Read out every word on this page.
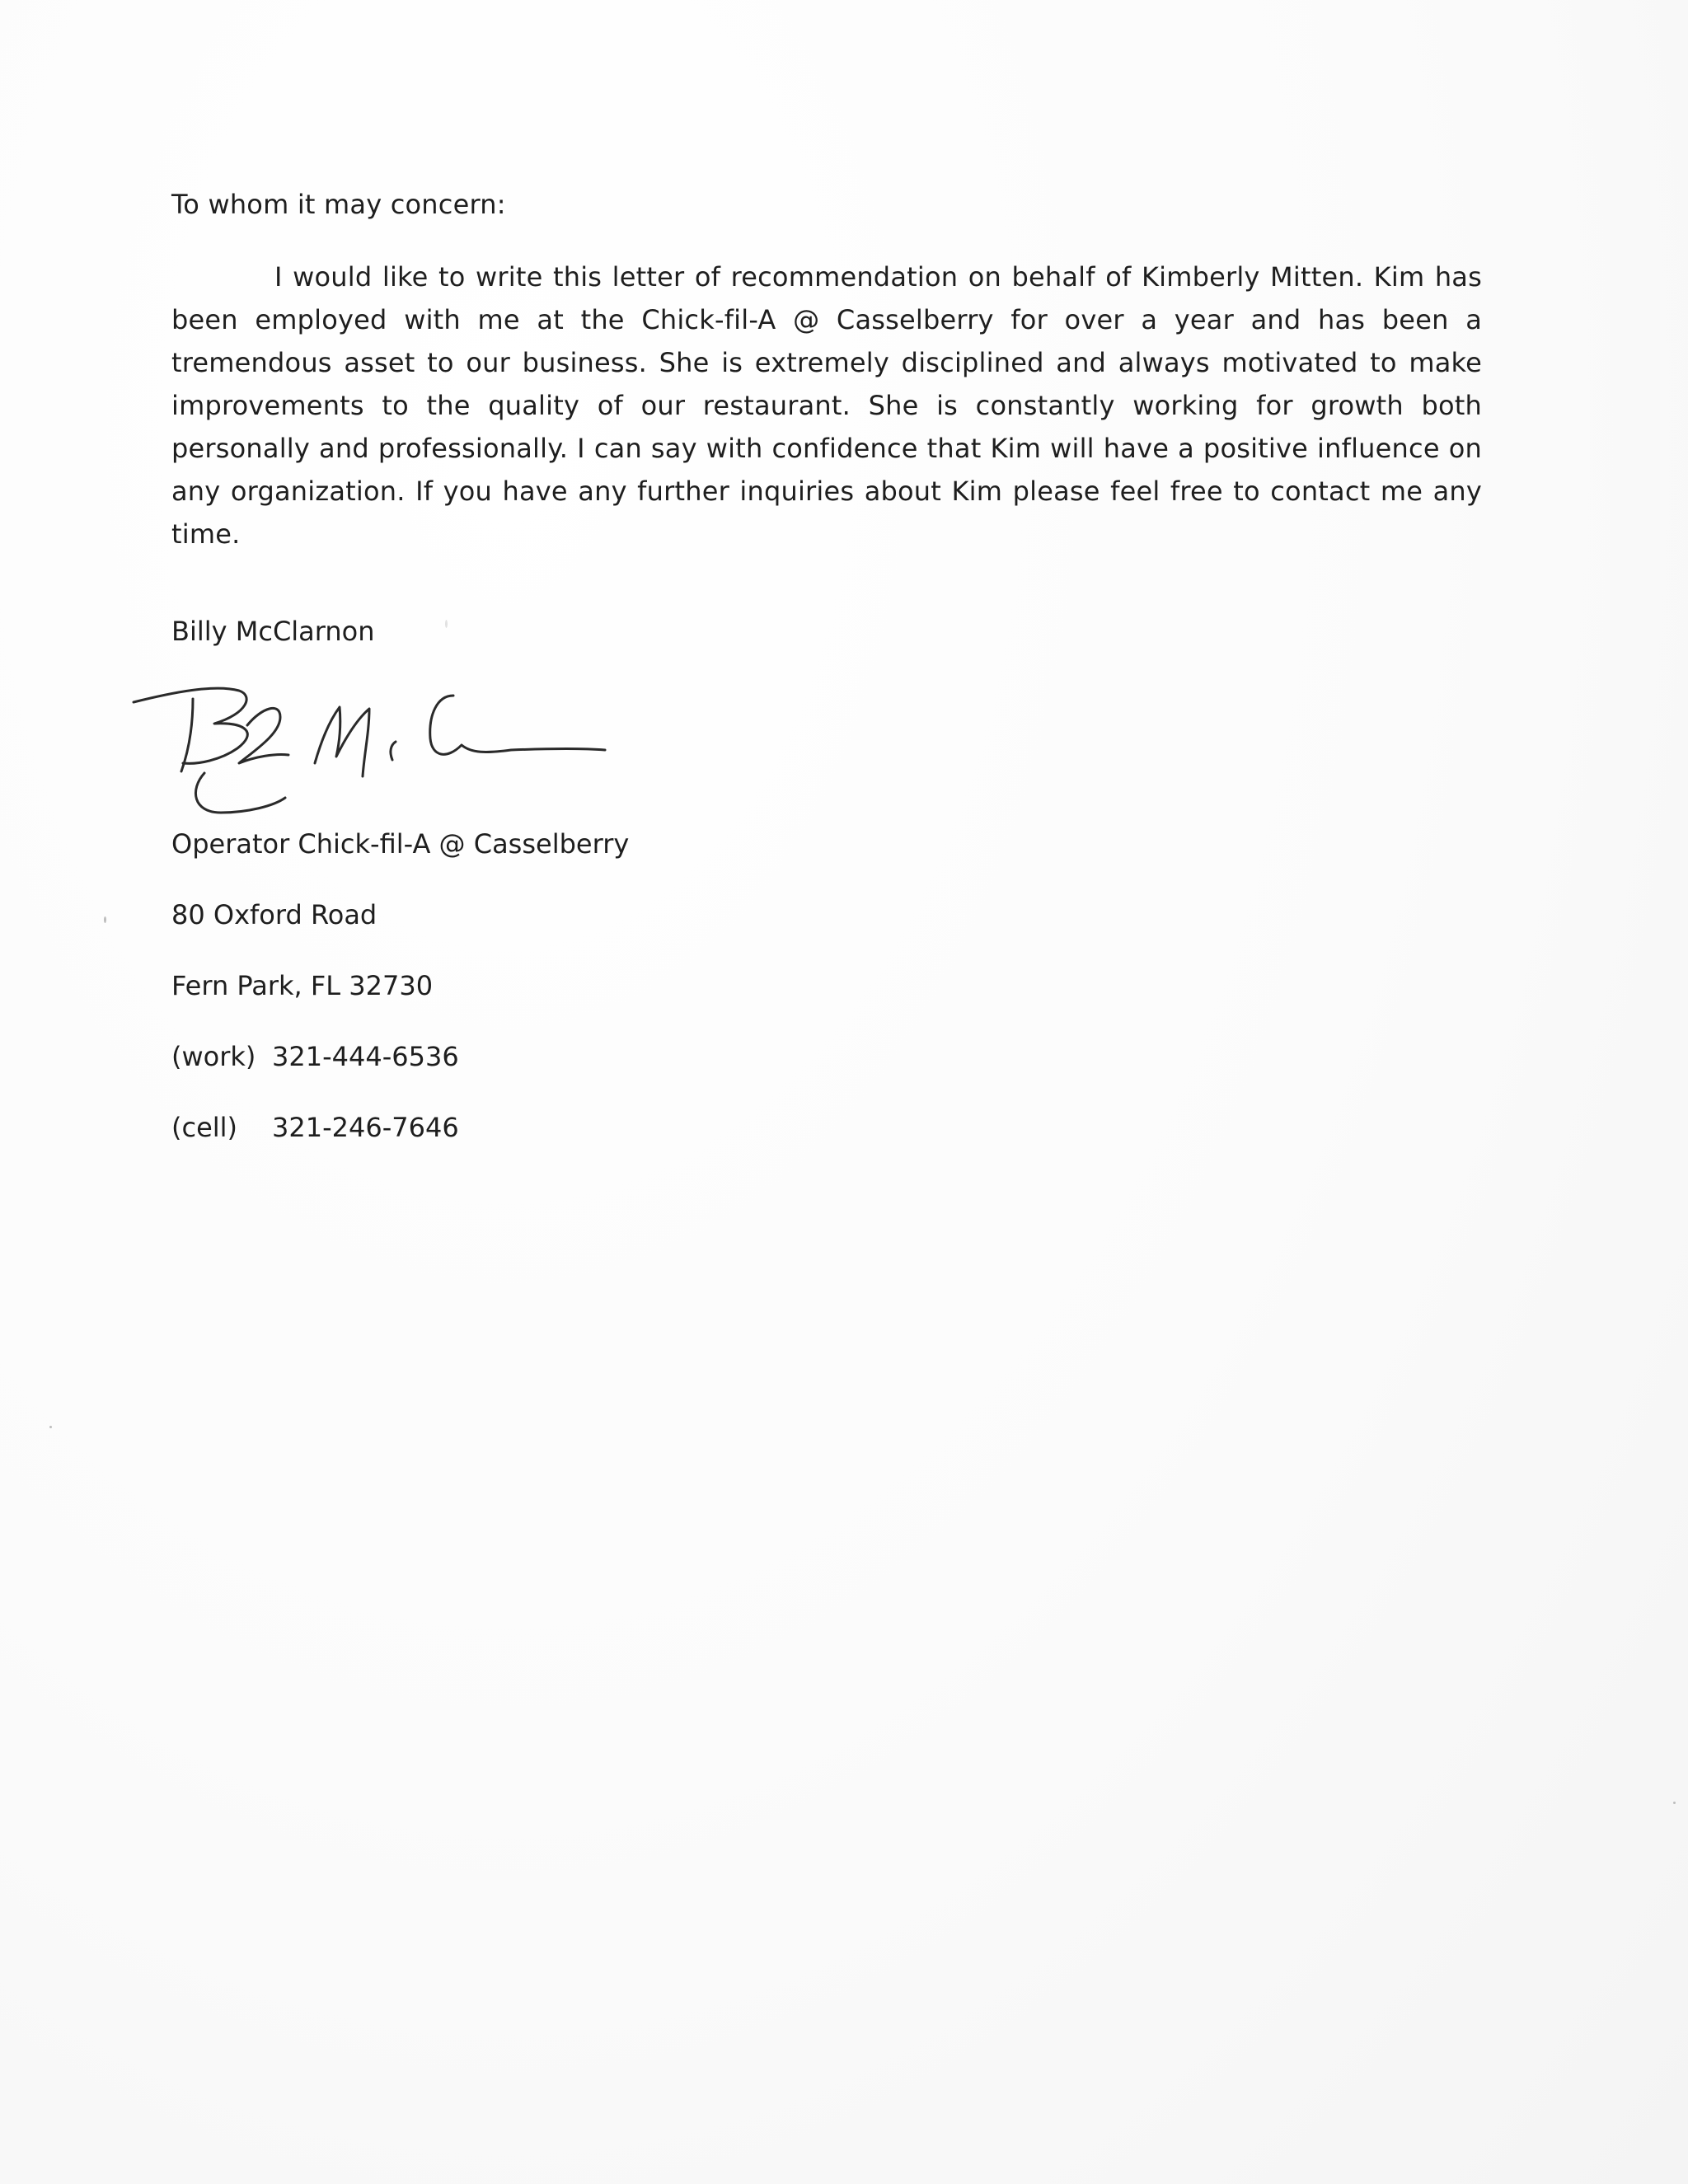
To whom it may concern:

I would like to write this letter of recommendation on behalf of Kimberly Mitten. Kim has been employed with me at the Chick-fil-A @ Casselberry for over a year and has been a tremendous asset to our business. She is extremely disciplined and always motivated to make improvements to the quality of our restaurant. She is constantly working for growth both personally and professionally. I can say with confidence that Kim will have a positive influence on any organization. If you have any further inquiries about Kim please feel free to contact me any time.

Billy McClarnon

Operator Chick-fil-A @ Casselberry

80 Oxford Road

Fern Park, FL 32730

(work) 321-444-6536

(cell) 321-246-7646
